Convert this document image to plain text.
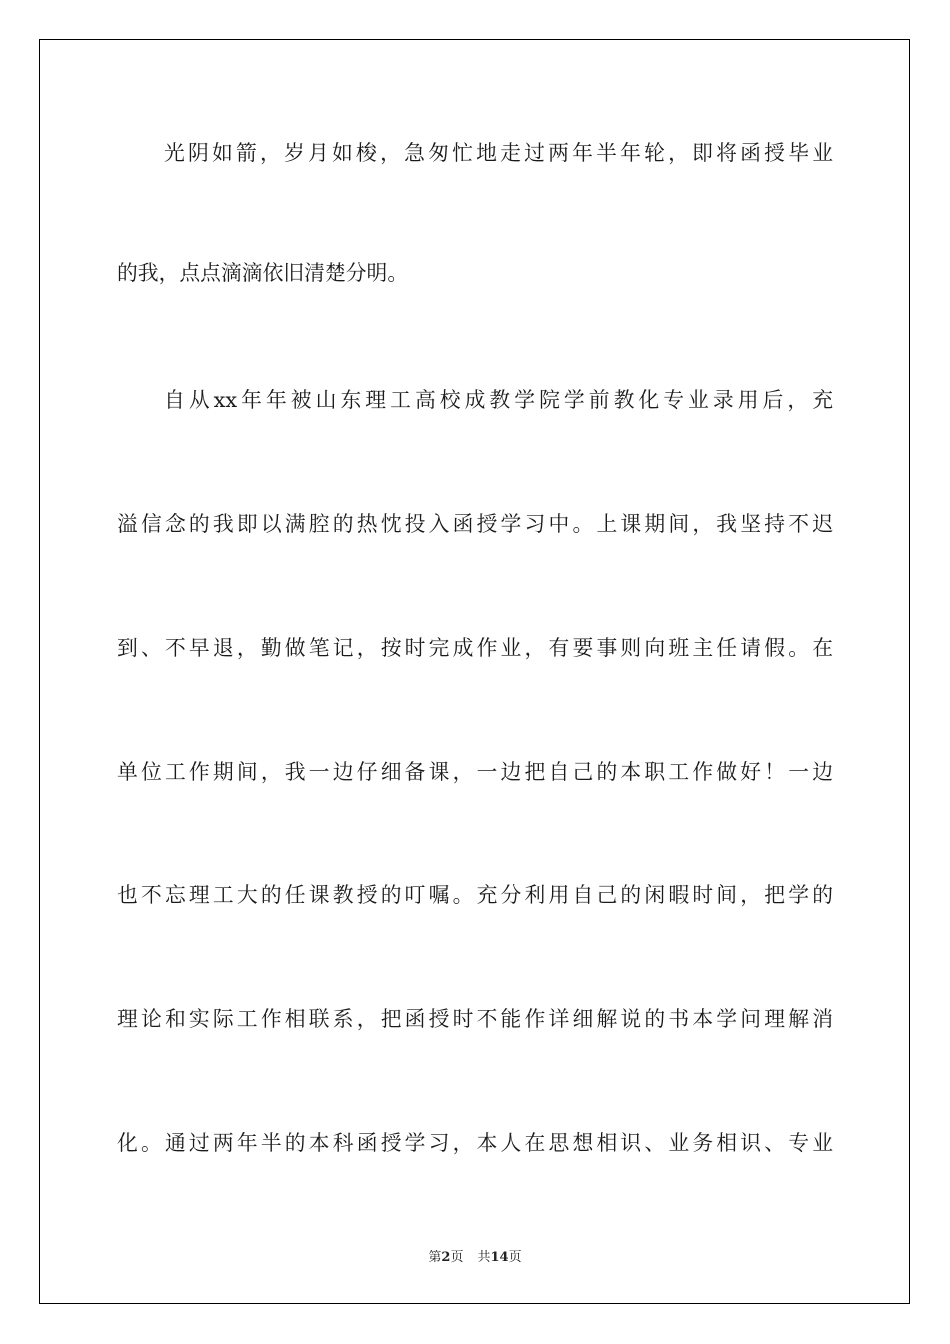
光阴如箭，岁月如梭，急匆忙地走过两年半年轮，即将函授毕业
的我，点点滴滴依旧清楚分明。
自从xx年年被山东理工高校成教学院学前教化专业录用后，充
溢信念的我即以满腔的热忱投入函授学习中。上课期间，我坚持不迟
到、不早退，勤做笔记，按时完成作业，有要事则向班主任请假。在
单位工作期间，我一边仔细备课，一边把自己的本职工作做好！一边
也不忘理工大的任课教授的叮嘱。充分利用自己的闲暇时间，把学的
理论和实际工作相联系，把函授时不能作详细解说的书本学问理解消
化。通过两年半的本科函授学习，本人在思想相识、业务相识、专业
第2页 共14页
